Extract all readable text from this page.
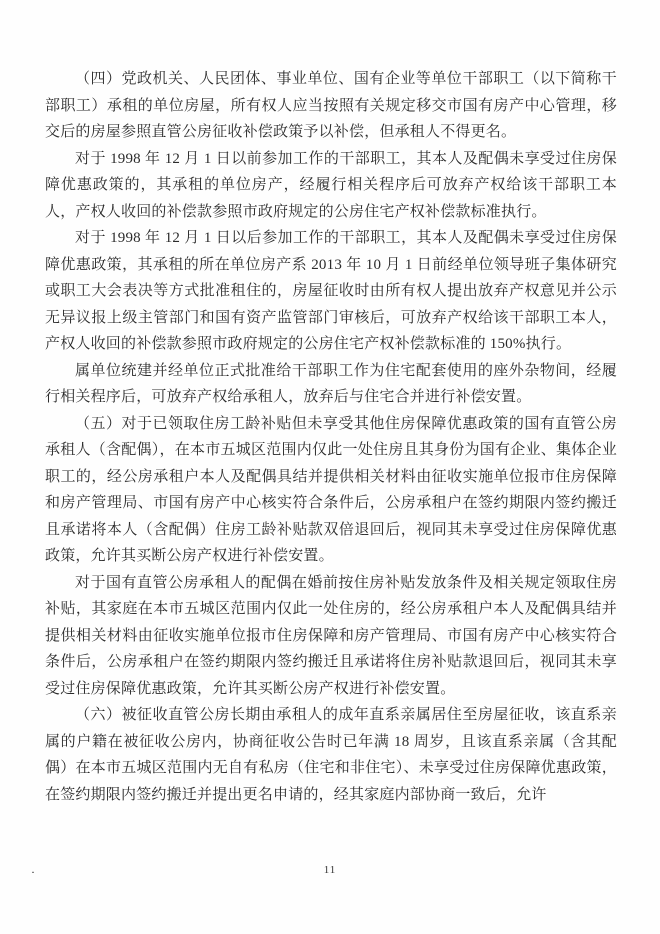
（四）党政机关、人民团体、事业单位、国有企业等单位干部职工（以下简称干部职工）承租的单位房屋，所有权人应当按照有关规定移交市国有房产中心管理，移交后的房屋参照直管公房征收补偿政策予以补偿，但承租人不得更名。

对于 1998 年 12 月 1 日以前参加工作的干部职工，其本人及配偶未享受过住房保障优惠政策的，其承租的单位房产，经履行相关程序后可放弃产权给该干部职工本人，产权人收回的补偿款参照市政府规定的公房住宅产权补偿款标准执行。

对于 1998 年 12 月 1 日以后参加工作的干部职工，其本人及配偶未享受过住房保障优惠政策，其承租的所在单位房产系 2013 年 10 月 1 日前经单位领导班子集体研究或职工大会表决等方式批准租住的，房屋征收时由所有权人提出放弃产权意见并公示无异议报上级主管部门和国有资产监管部门审核后，可放弃产权给该干部职工本人，产权人收回的补偿款参照市政府规定的公房住宅产权补偿款标准的 150%执行。

属单位统建并经单位正式批准给干部职工作为住宅配套使用的座外杂物间，经履行相关程序后，可放弃产权给承租人，放弃后与住宅合并进行补偿安置。

（五）对于已领取住房工龄补贴但未享受其他住房保障优惠政策的国有直管公房承租人（含配偶），在本市五城区范围内仅此一处住房且其身份为国有企业、集体企业职工的，经公房承租户本人及配偶具结并提供相关材料由征收实施单位报市住房保障和房产管理局、市国有房产中心核实符合条件后，公房承租户在签约期限内签约搬迁且承诺将本人（含配偶）住房工龄补贴款双倍退回后，视同其未享受过住房保障优惠政策，允许其买断公房产权进行补偿安置。

对于国有直管公房承租人的配偶在婚前按住房补贴发放条件及相关规定领取住房补贴，其家庭在本市五城区范围内仅此一处住房的，经公房承租户本人及配偶具结并提供相关材料由征收实施单位报市住房保障和房产管理局、市国有房产中心核实符合条件后，公房承租户在签约期限内签约搬迁且承诺将住房补贴款退回后，视同其未享受过住房保障优惠政策，允许其买断公房产权进行补偿安置。

（六）被征收直管公房长期由承租人的成年直系亲属居住至房屋征收，该直系亲属的户籍在被征收公房内，协商征收公告时已年满 18 周岁，且该直系亲属（含其配偶）在本市五城区范围内无自有私房（住宅和非住宅）、未享受过住房保障优惠政策，在签约期限内签约搬迁并提出更名申请的，经其家庭内部协商一致后，允许

·	11
